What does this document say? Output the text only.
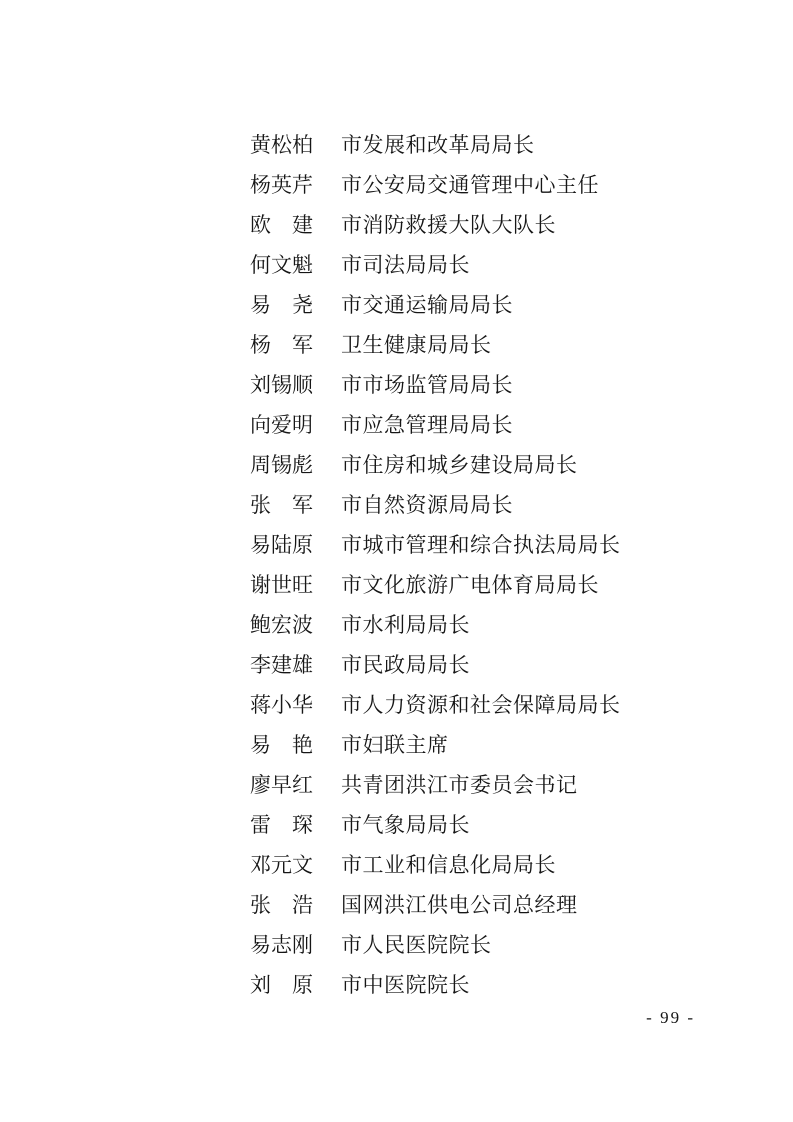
黄松柏 市发展和改革局局长
杨英芹 市公安局交通管理中心主任
欧　建 市消防救援大队大队长
何文魁 市司法局局长
易　尧 市交通运输局局长
杨　军 卫生健康局局长
刘锡顺 市市场监管局局长
向爱明 市应急管理局局长
周锡彪 市住房和城乡建设局局长
张　军 市自然资源局局长
易陆原 市城市管理和综合执法局局长
谢世旺 市文化旅游广电体育局局长
鲍宏波 市水利局局长
李建雄 市民政局局长
蒋小华 市人力资源和社会保障局局长
易　艳 市妇联主席
廖早红 共青团洪江市委员会书记
雷　琛 市气象局局长
邓元文 市工业和信息化局局长
张　浩 国网洪江供电公司总经理
易志刚 市人民医院院长
刘　原 市中医院院长
- 99 -
